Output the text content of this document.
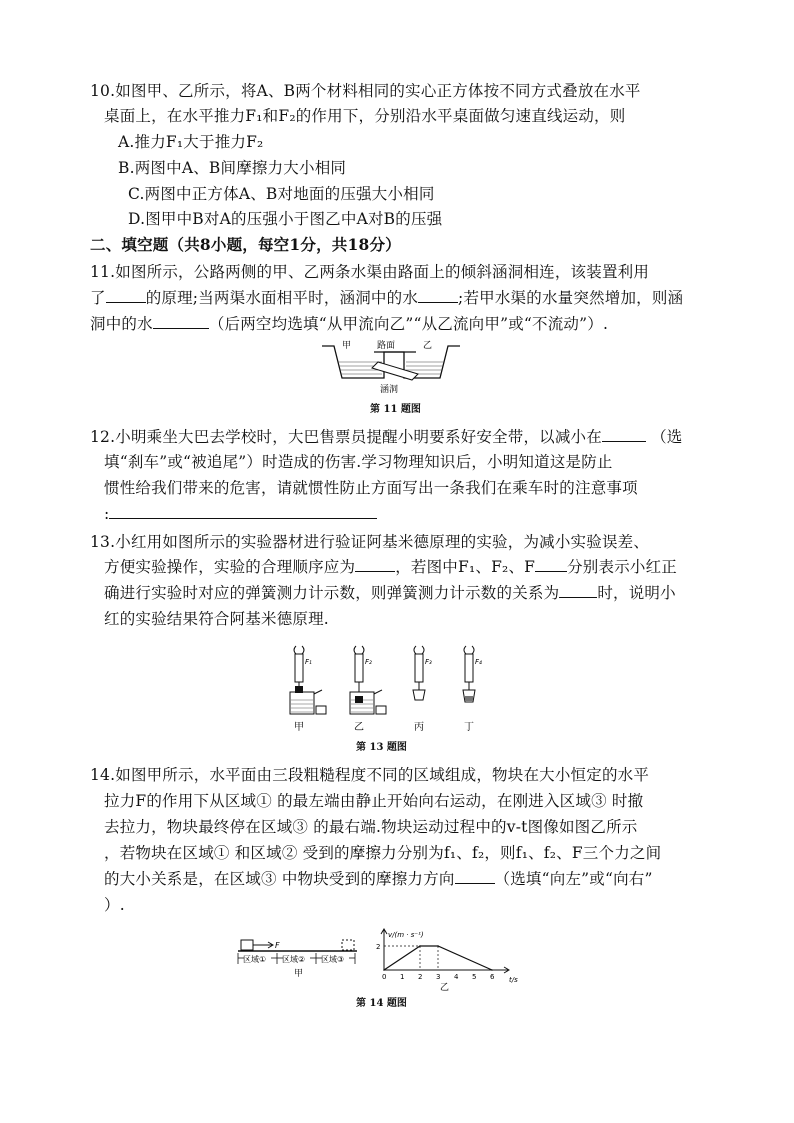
10.如图甲、乙所示，将A、B两个材料相同的实心正方体按不同方式叠放在水平
桌面上，在水平推力F₁和F₂的作用下，分别沿水平桌面做匀速直线运动，则
A.推力F₁大于推力F₂
B.两图中A、B间摩擦力大小相同
C.两图中正方体A、B对地面的压强大小相同
D.图甲中B对A的压强小于图乙中A对B的压强
二、填空题（共8小题，每空1分，共18分）
11.如图所示，公路两侧的甲、乙两条水渠由路面上的倾斜涵洞相连，该装置利用
了	的原理;当两渠水面相平时，涵洞中的水	;若甲水渠的水量突然增加，则涵
洞中的水	（后两空均选填“从甲流向乙”“从乙流向甲”或“不流动”）.
甲	路面	乙
涵洞
第 11 题图
12.小明乘坐大巴去学校时，大巴售票员提醒小明要系好安全带，以减小在	（选
填“刹车”或“被追尾”）时造成的伤害.学习物理知识后，小明知道这是防止
惯性给我们带来的危害，请就惯性防止方面写出一条我们在乘车时的注意事项
:
13.小红用如图所示的实验器材进行验证阿基米德原理的实验，为减小实验误差、
方便实验操作，实验的合理顺序应为	，若图中F₁、F₂、F 分别表示小红正
确进行实验时对应的弹簧测力计示数，则弹簧测力计示数的关系为 时，说明小
红的实验结果符合阿基米德原理.
F₁	F₂	F₃	F₄
甲	乙	丙	丁
第 13 题图
14.如图甲所示，水平面由三段粗糙程度不同的区域组成，物块在大小恒定的水平
拉力F的作用下从区域① 的最左端由静止开始向右运动，在刚进入区域③ 时撤
去拉力，物块最终停在区域③ 的最右端.物块运动过程中的v-t图像如图乙所示
，若物块在区域① 和区域② 受到的摩擦力分别为f₁、f₂，则f₁、f₂、F三个力之间
的大小关系是，在区域③ 中物块受到的摩擦力方向	（选填“向左”或“向右”
）.
F
区域① 区域② 区域③
甲
v/(m · s⁻¹)
t/s
0 1 2 3 4 5 6
2
乙
第 14 题图
